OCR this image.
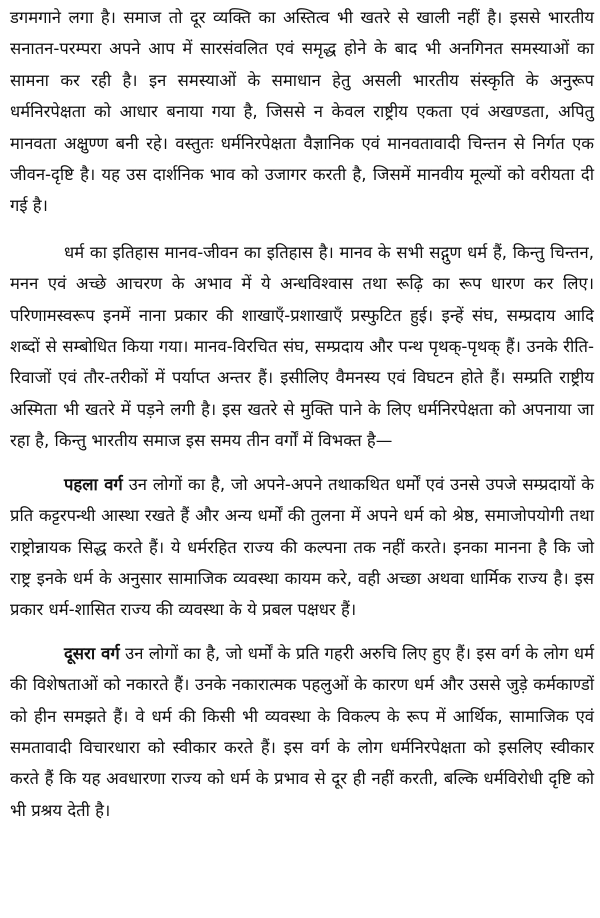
डगमगाने लगा है। समाज तो दूर व्यक्ति का अस्तित्व भी खतरे से खाली नहीं है। इससे भारतीय सनातन-परम्परा अपने आप में सारसंवलित एवं समृद्ध होने के बाद भी अनगिनत समस्याओं का सामना कर रही है। इन समस्याओं के समाधान हेतु असली भारतीय संस्कृति के अनुरूप धर्मनिरपेक्षता को आधार बनाया गया है, जिससे न केवल राष्ट्रीय एकता एवं अखण्डता, अपितु मानवता अक्षुण्ण बनी रहे। वस्तुतः धर्मनिरपेक्षता वैज्ञानिक एवं मानवतावादी चिन्तन से निर्गत एक जीवन-दृष्टि है। यह उस दार्शनिक भाव को उजागर करती है, जिसमें मानवीय मूल्यों को वरीयता दी गई है।

धर्म का इतिहास मानव-जीवन का इतिहास है। मानव के सभी सद्गुण धर्म हैं, किन्तु चिन्तन, मनन एवं अच्छे आचरण के अभाव में ये अन्धविश्वास तथा रूढ़ि का रूप धारण कर लिए। परिणामस्वरूप इनमें नाना प्रकार की शाखाएँ-प्रशाखाएँ प्रस्फुटित हुई। इन्हें संघ, सम्प्रदाय आदि शब्दों से सम्बोधित किया गया। मानव-विरचित संघ, सम्प्रदाय और पन्थ पृथक्-पृथक् हैं। उनके रीति-रिवाजों एवं तौर-तरीकों में पर्याप्त अन्तर हैं। इसीलिए वैमनस्य एवं विघटन होते हैं। सम्प्रति राष्ट्रीय अस्मिता भी खतरे में पड़ने लगी है। इस खतरे से मुक्ति पाने के लिए धर्मनिरपेक्षता को अपनाया जा रहा है, किन्तु भारतीय समाज इस समय तीन वर्गों में विभक्त है—

पहला वर्ग उन लोगों का है, जो अपने-अपने तथाकथित धर्मों एवं उनसे उपजे सम्प्रदायों के प्रति कट्टरपन्थी आस्था रखते हैं और अन्य धर्मों की तुलना में अपने धर्म को श्रेष्ठ, समाजोपयोगी तथा राष्ट्रोन्नायक सिद्ध करते हैं। ये धर्मरहित राज्य की कल्पना तक नहीं करते। इनका मानना है कि जो राष्ट्र इनके धर्म के अनुसार सामाजिक व्यवस्था कायम करे, वही अच्छा अथवा धार्मिक राज्य है। इस प्रकार धर्म-शासित राज्य की व्यवस्था के ये प्रबल पक्षधर हैं।

दूसरा वर्ग उन लोगों का है, जो धर्मों के प्रति गहरी अरुचि लिए हुए हैं। इस वर्ग के लोग धर्म की विशेषताओं को नकारते हैं। उनके नकारात्मक पहलुओं के कारण धर्म और उससे जुड़े कर्मकाण्डों को हीन समझते हैं। वे धर्म की किसी भी व्यवस्था के विकल्प के रूप में आर्थिक, सामाजिक एवं समतावादी विचारधारा को स्वीकार करते हैं। इस वर्ग के लोग धर्मनिरपेक्षता को इसलिए स्वीकार करते हैं कि यह अवधारणा राज्य को धर्म के प्रभाव से दूर ही नहीं करती, बल्कि धर्मविरोधी दृष्टि को भी प्रश्रय देती है।
